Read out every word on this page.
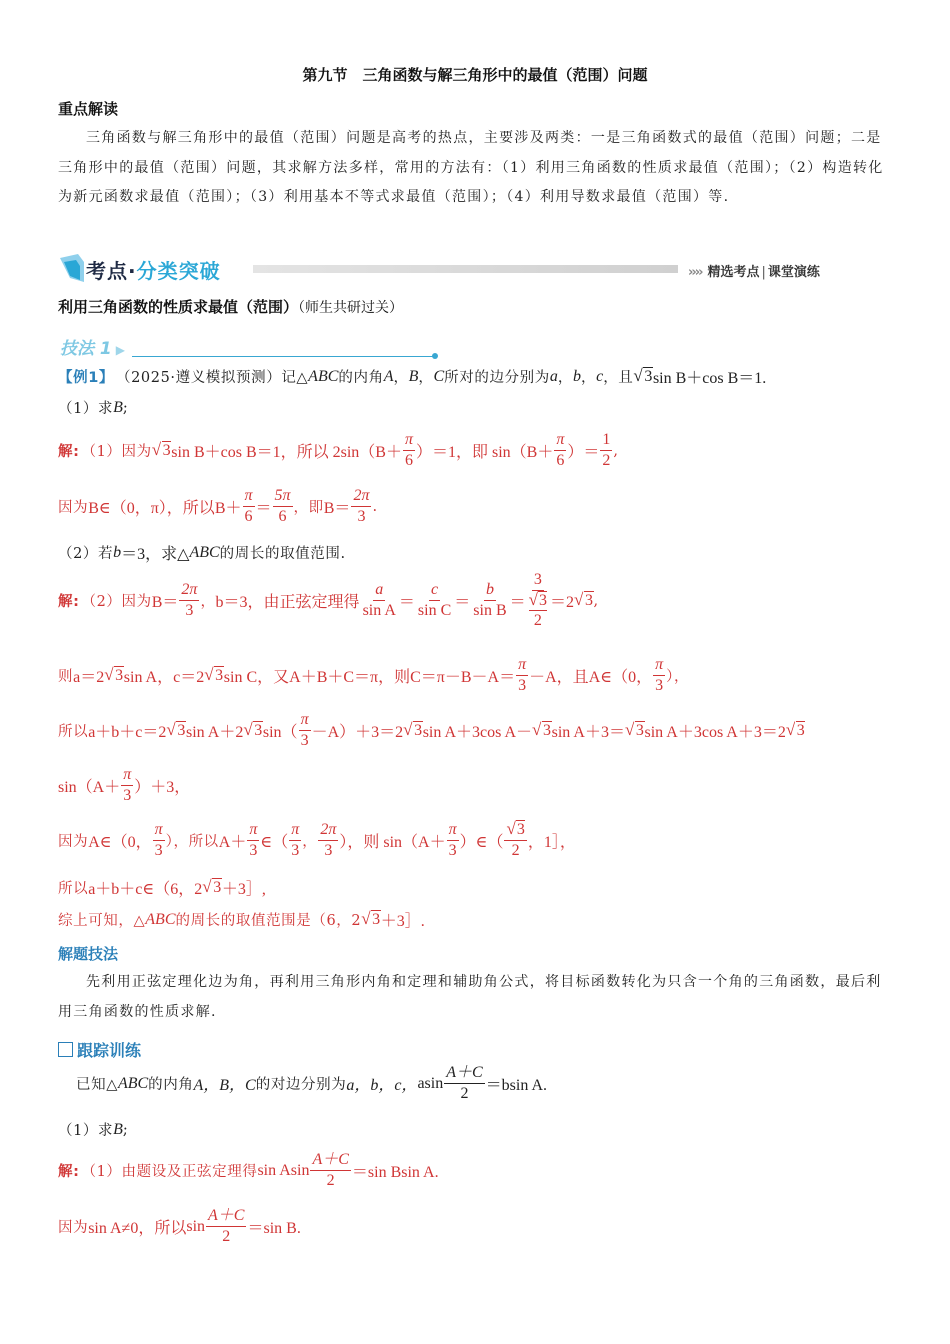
第九节　三角函数与解三角形中的最值（范围）问题
重点解读
三角函数与解三角形中的最值（范围）问题是高考的热点，主要涉及两类：一是三角函数式的最值（范围）问题；二是三角形中的最值（范围）问题，其求解方法多样，常用的方法有：（1）利用三角函数的性质求最值（范围）；（2）构造转化为新元函数求最值（范围）；（3）利用基本不等式求最值（范围）；（4）利用导数求最值（范围）等.
考点·分类突破	›››› 精选考点 | 课堂演练
利用三角函数的性质求最值（范围）（师生共研过关）
技法 1 ▶
【例1】 （2025·遵义模拟预测） 记△ ABC 的内角 A ， B ， C 所对的边分别为 a ， b ， c ，且 √ 3 sin B＋cos B＝1.
（1）求 B ;
解: （1）因为 √ 3 sin B＋cos B＝1，所以 $2\sin(B+ \frac{\pi}{6} )=1$，即 $\sin(B+ \frac{\pi}{6}$ ）＝ $\frac{1}{2}$ ,
因为 B∈（0，π），所以 $B+ \frac{\pi}{6} = \frac{5\pi}{6}$ ，即 $B= \frac{2\pi}{3}$ .
（2）若 b ＝3，求△ ABC 的周长的取值范围.
解: （2）因为 $B= \frac{2\pi}{3}$ ， b＝3，由正弦定理得 $\frac{a}{\text{sin A}} = \frac{c}{\text{sin C}} = \frac{b}{\text{sin B}} = 3$
√ 3
2 ＝2 √ 3 ,
则 a＝2 √ 3 sin A， c＝2 √ 3 sin C，又 A＋B＋C＝π，则 $C=\pi-B-A= \frac{\pi}{3} -A$，且 A∈（0， $\frac{\pi}{3}$ ），
所以 a＋b＋c＝2 √ 3 sin A＋2 √ 3 $\sin( \frac{\pi}{3} -A)+3=2$ √ 3 sin A＋3cos A－ √ 3 sin A＋3＝ √ 3 sin A＋3cos A＋3＝2 √ 3
$\sin(A+ \frac{\pi}{3} )+3$，
因为 A∈（0， $\frac{\pi}{3}$ ），所以 $A+ \frac{\pi}{3}$ ∈（ $\frac{\pi}{3}$ ， $\frac{2\pi}{3}$ ），则 $\sin(A+ \frac{\pi}{3}$ ）∈（ $\frac{√ 3}{2}$ ，1］，
所以 a＋b＋c∈（6，2 √ 3 ＋3］,
综上可知，△ ABC 的周长的取值范围是（6，2 √ 3 ＋3］.
解题技法
先利用正弦定理化边为角，再利用三角形内角和定理和辅助角公式，将目标函数转化为只含一个角的三角函数，最后利用三角函数的性质求解.
跟踪训练
已知△ ABC 的内角 A，B，C 的对边分别为 a，b，c， asin $\frac{A+C}{2} =bsin$ A.
（1）求 B ;
解: （1）由题设及正弦定理得 sin Asin $\frac{A+C}{2} =\sin$ Bsin A.
因为 sin A≠0，所以 $\sin \frac{A+C}{2} =\sin$ B.
